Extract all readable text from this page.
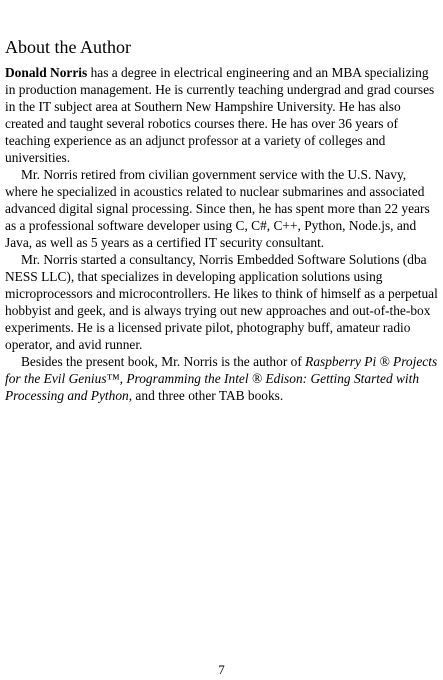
About the Author

Donald Norris has a degree in electrical engineering and an MBA specializing in production management. He is currently teaching undergrad and grad courses in the IT subject area at Southern New Hampshire University. He has also created and taught several robotics courses there. He has over 36 years of teaching experience as an adjunct professor at a variety of colleges and universities.

Mr. Norris retired from civilian government service with the U.S. Navy, where he specialized in acoustics related to nuclear submarines and associated advanced digital signal processing. Since then, he has spent more than 22 years as a professional software developer using C, C#, C++, Python, Node.js, and Java, as well as 5 years as a certified IT security consultant.

Mr. Norris started a consultancy, Norris Embedded Software Solutions (dba NESS LLC), that specializes in developing application solutions using microprocessors and microcontrollers. He likes to think of himself as a perpetual hobbyist and geek, and is always trying out new approaches and out-of-the-box experiments. He is a licensed private pilot, photography buff, amateur radio operator, and avid runner.

Besides the present book, Mr. Norris is the author of Raspberry Pi ® Projects for the Evil Genius™, Programming the Intel ® Edison: Getting Started with Processing and Python, and three other TAB books.

7
